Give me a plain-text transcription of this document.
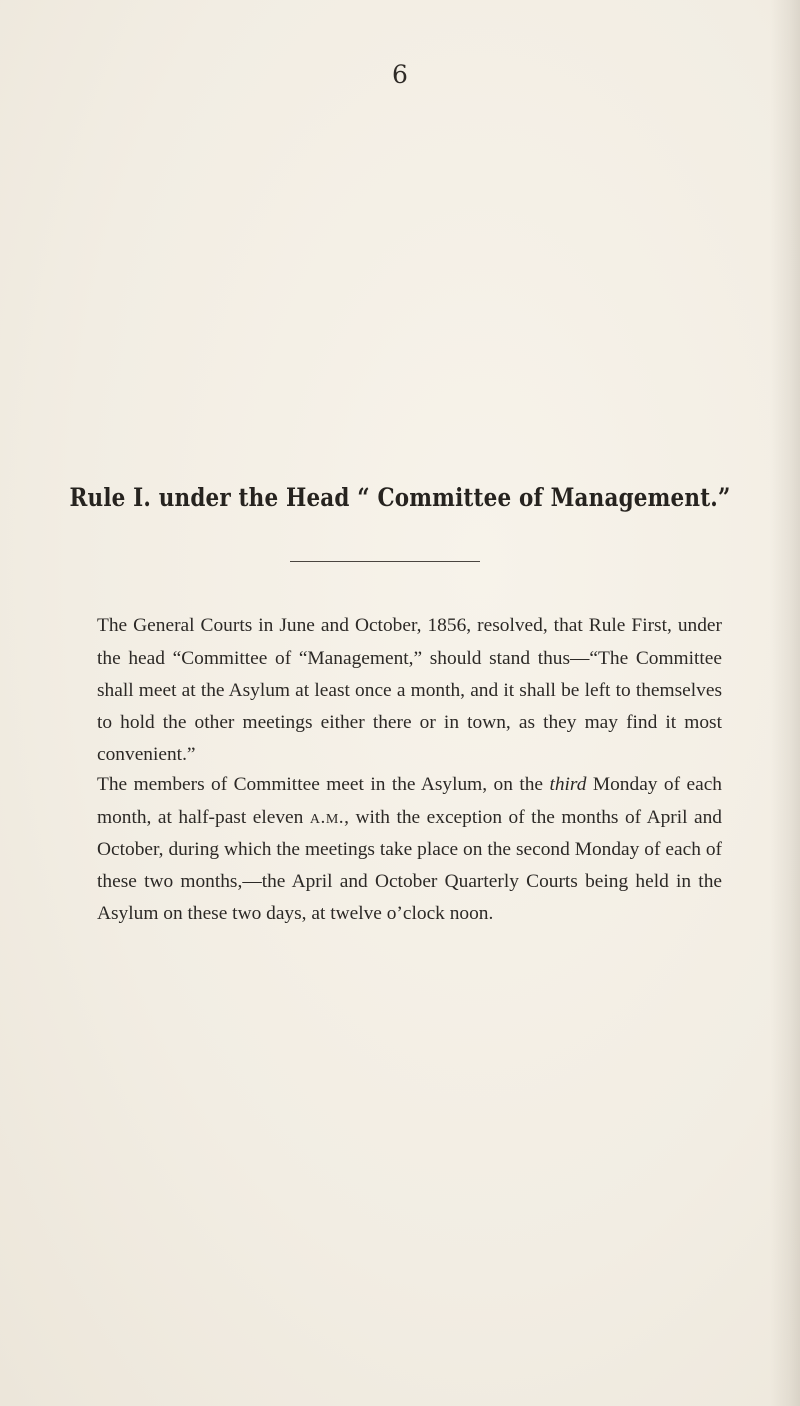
6
Rule I. under the Head “ Committee of Management.”

The General Courts in June and October, 1856, resolved, that Rule First, under the head “Committee of “Management,” should stand thus—“The Committee shall meet at the Asylum at least once a month, and it shall be left to themselves to hold the other meetings either there or in town, as they may find it most convenient.”

The members of Committee meet in the Asylum, on the third Monday of each month, at half-past eleven a.m., with the exception of the months of April and October, during which the meetings take place on the second Monday of each of these two months,—the April and October Quarterly Courts being held in the Asylum on these two days, at twelve o’clock noon.
